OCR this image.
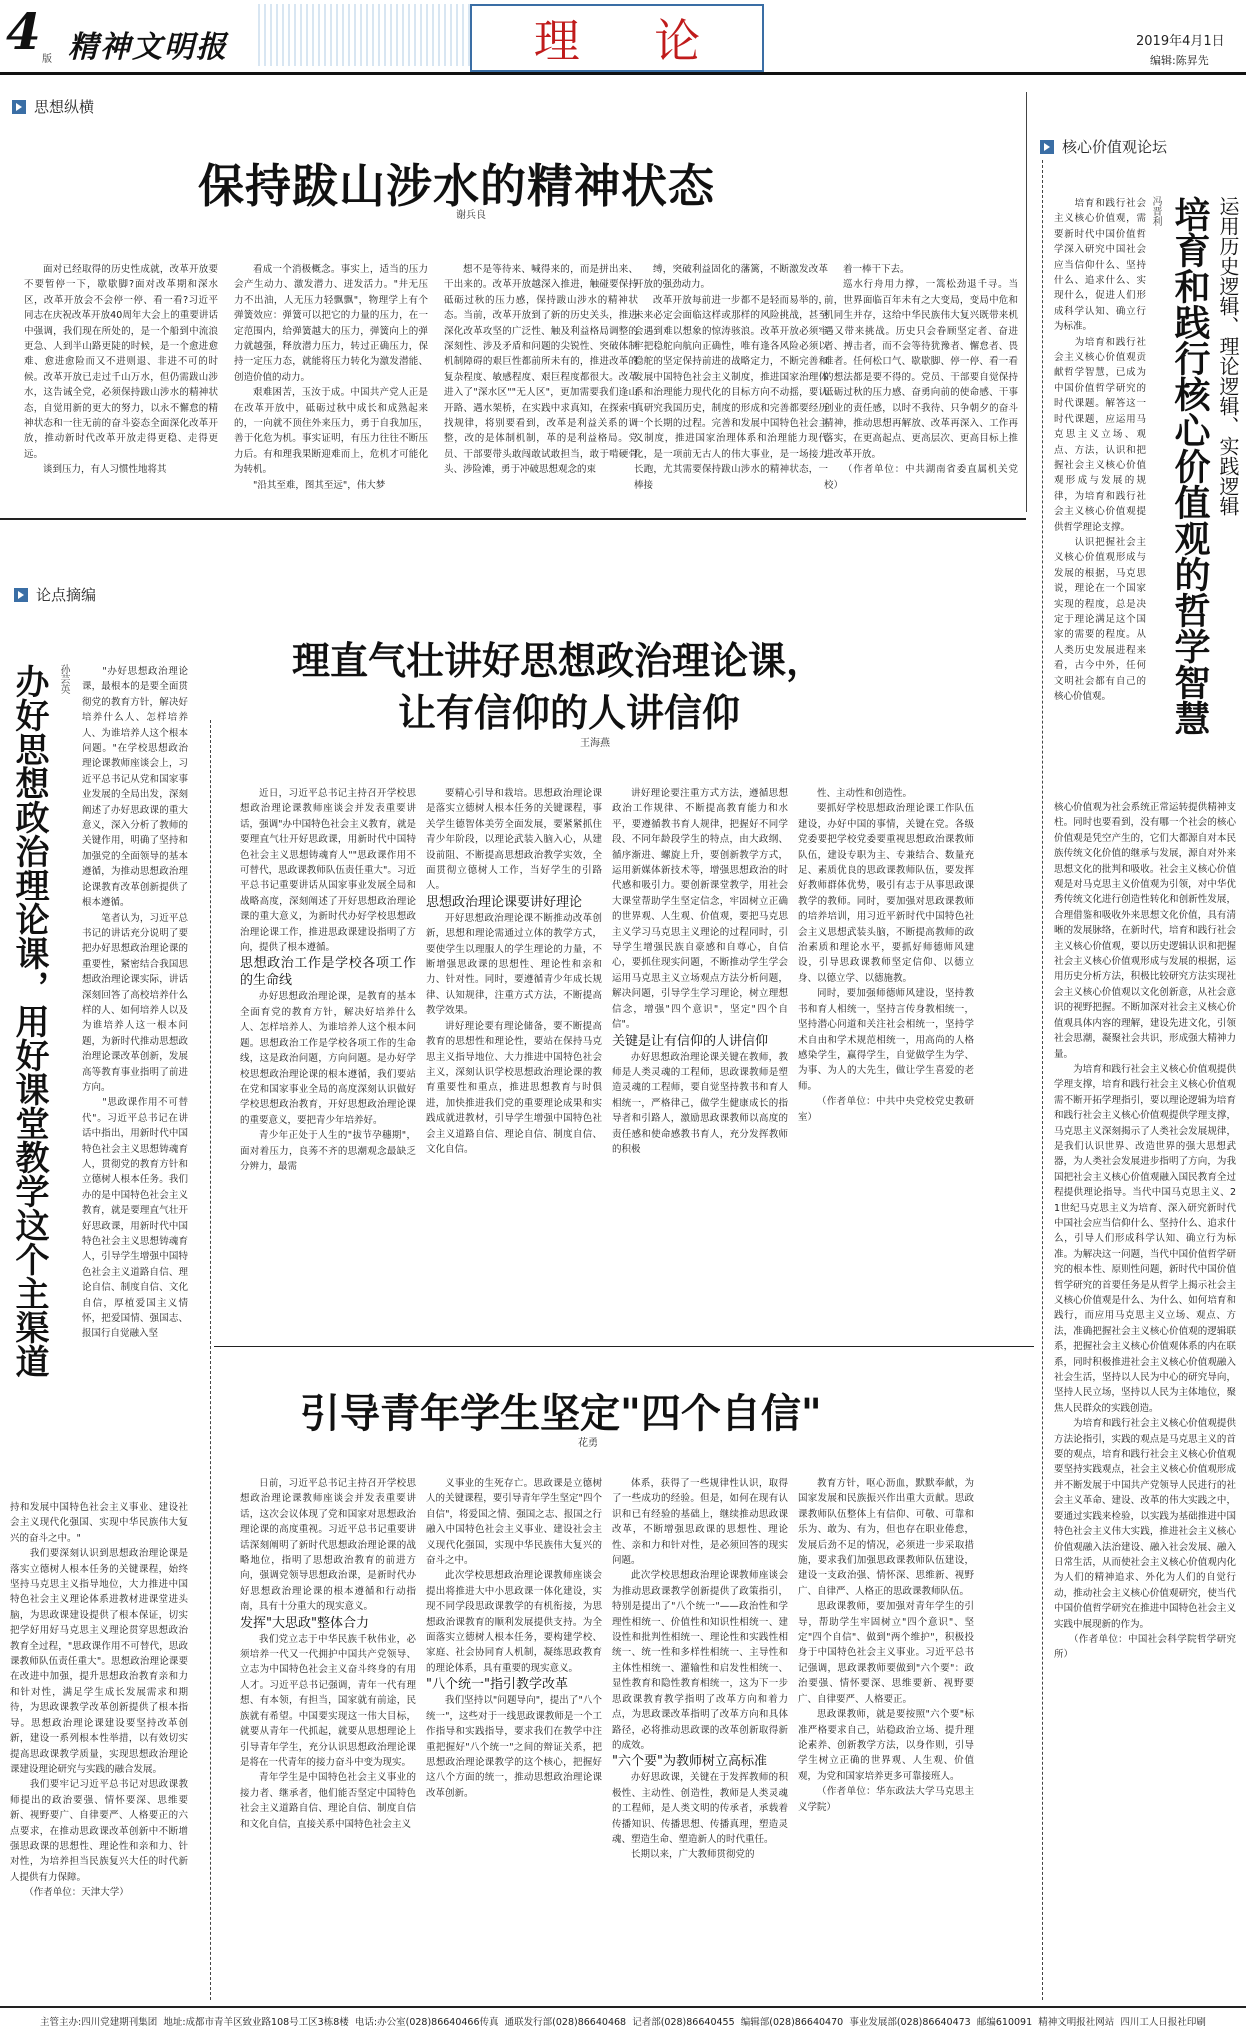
4 版 精神文明报	理 论	2019年4月1日
编辑:陈昇先
思想纵横
保持跋山涉水的精神状态
谢兵良

面对已经取得的历史性成就，改革开放要不要暂停一下，歇歇脚?面对改革期和深水区，改革开放会不会停一停、看一看?习近平同志在庆祝改革开放40周年大会上的重要讲话中强调，我们现在所处的，是一个船到中流浪更急、人到半山路更陡的时候，是一个愈进愈难、愈进愈险而又不进则退、非进不可的时候。改革开放已走过千山万水，但仍需跋山涉水，这告诫全党，必须保持跋山涉水的精神状态，自觉用新的更大的努力，以永不懈怠的精神状态和一往无前的奋斗姿态全面深化改革开放，推动新时代改革开放走得更稳、走得更远。

谈到压力，有人习惯性地将其

看成一个消极概念。事实上，适当的压力会产生动力、激发潜力、迸发活力。"井无压力不出油，人无压力轻飘飘"，物理学上有个弹簧效应：弹簧可以把它的力量的压力，在一定范围内，给弹簧越大的压力，弹簧向上的弹力就越强，释放潜力压力，转过正确压力，保持一定压力态，就能将压力转化为激发潜能、创造价值的动力。

艰难困苦，玉汝于成。中国共产党人正是在改革开放中，砥砺过秋中成长和成熟起来的，一向就不顶住外来压力，勇于自我加压，善于化危为机。事实证明，有压力往往不断压力后。有和理我果断迎难而上，危机才可能化为转机。

"沿其至难，图其至远"，伟大梦

想不是等待来、喊得来的，而是拼出来、干出来的。改革开放越深入推进，触碰要保持砥砺过秋的压力感，保持跋山涉水的精神状态。当前，改革开放到了新的历史关头，推进深化改革攻坚的广泛性、触及利益格局调整的深刻性、涉及矛盾和问题的尖锐性、突破体制机制障碍的艰巨性都前所未有的，推进改革的复杂程度、敏感程度、艰巨程度都很大。改革进入了"深水区""无人区"，更加需要我们逢山开路、遇水架桥，在实践中求真知，在探索中找规律，将别要看到，改革是利益关系的调整，改的是体制机制，革的是利益格局。党员、干部要带头敢闯敢试敢担当，敢于啃硬骨头、涉险滩，勇于冲破思想观念的束

缚，突破利益固化的藩篱，不断激发改革开放的强劲动力。

改革开放每前进一步都不是轻而易举的，未来必定会面临这样或那样的风险挑战，甚至会遇到难以想象的惊涛骇浪。改革开放必须牢牢把稳舵向航向正确性，唯有逢各风险必须以稳舵的坚定保持前进的战略定力，不断完善和发展中国特色社会主义制度，推进国家治理体系和治理能力现代化的目标方向不动摇，要认真研究我国历史，制度的形成和完善都要经历一个长期的过程。完善和发展中国特色社会主义制度，推进国家治理体系和治理能力现代化，是一项前无古人的伟大事业，是一场接力长跑，尤其需要保持跋山涉水的精神状态，一棒接

着一棒干下去。

巡水行舟用力撑，一篙松劲退千寻。当前，世界面临百年未有之大变局，变局中危和机同生并存，这给中华民族伟大复兴既带来机遇又带来挑战。历史只会眷顾坚定者、奋进者、搏击者，而不会等待犹豫者、懈怠者、畏难者。任何松口气、歇歇脚、停一停、看一看的想法都是要不得的。党员、干部要自觉保持砥砺过秋的压力感、奋勇向前的使命感、干事创业的责任感，以时不我待、只争朝夕的奋斗精神，推动思想再解放、改革再深入、工作再落实，在更高起点、更高层次、更高目标上推进改革开放。

（作者单位：中共湖南省委直属机关党校）

核心价值观论坛
运用历史逻辑、理论逻辑、实践逻辑
培育和践行核心价值观的哲学智慧
冯晋利
　　培育和践行社会主义核心价值观，需要新时代中国价值哲学深入研究中国社会应当信仰什么、坚持什么、追求什么、实现什么，促进人们形成科学认知、确立行为标准。
　　为培育和践行社会主义核心价值观贡献哲学智慧，已成为中国价值哲学研究的时代课题。解答这一时代课题，应运用马克思主义立场、观点、方法，认识和把握社会主义核心价值观形成与发展的规律，为培育和践行社会主义核心价值观提供哲学理论支撑。
　　认识把握社会主义核心价值观形成与发展的根据，马克思说，理论在一个国家实现的程度，总是决定于理论满足这个国家的需要的程度。从人类历史发展进程来看，古今中外，任何文明社会都有自己的核心价值观。
核心价值观为社会系统正常运转提供精神支柱。同时也要看到，没有哪一个社会的核心价值观是凭空产生的，它们大都源自对本民族传统文化价值的继承与发展，源自对外来思想文化的批判和吸收。社会主义核心价值观是对马克思主义价值观为引领，对中华优秀传统文化进行创造性转化和创新性发展，合理借鉴和吸收外来思想文化价值，具有清晰的发展脉络，在新时代，培育和践行社会主义核心价值观，要以历史逻辑认识和把握社会主义核心价值观形成与发展的根据，运用历史分析方法，积极比较研究方法实现社会主义核心价值观以文化创新意，从社会意识的视野把握。不断加深对社会主义核心价值观具体内容的理解，建设先进文化，引领社会思潮，凝聚社会共识，形成强大精神力量。
　　为培育和践行社会主义核心价值观提供学理支撑，培育和践行社会主义核心价值观需不断开拓学理指引，要以理论逻辑为培育和践行社会主义核心价值观提供学理支撑，马克思主义深刻揭示了人类社会发展规律，是我们认识世界、改造世界的强大思想武器，为人类社会发展进步指明了方向，为我国把社会主义核心价值观融入国民教育全过程提供理论指导。当代中国马克思主义、21世纪马克思主义为培育、深入研究新时代中国社会应当信仰什么、坚持什么、追求什么，引导人们形成科学认知、确立行为标准。为解决这一问题，当代中国价值哲学研究的根本性、原则性问题，新时代中国价值哲学研究的首要任务是从哲学上揭示社会主义核心价值观是什么、为什么、如何培育和践行，而应用马克思主义立场、观点、方法，准确把握社会主义核心价值观的逻辑联系，把握社会主义核心价值观体系的内在联系，同时积极推进社会主义核心价值观融入社会生活，坚持以人民为中心的研究导向，坚持人民立场，坚持以人民为主体地位，聚焦人民群众的实践创造。
　　为培育和践行社会主义核心价值观提供方法论指引，实践的观点是马克思主义的首要的观点，培育和践行社会主义核心价值观要坚持实践观点，社会主义核心价值观形成并不断发展于中国共产党领导人民进行的社会主义革命、建设、改革的伟大实践之中，要通过实践来检验，以实践为基础推进中国特色社会主义伟大实践，推进社会主义核心价值观融入法治建设、融入社会发展、融入日常生活，从而使社会主义核心价值观内化为人们的精神追求、外化为人们的自觉行动，推动社会主义核心价值观研究，使当代中国价值哲学研究在推进中国特色社会主义实践中展现新的作为。
　　（作者单位：中国社会科学院哲学研究所）
论点摘编
理直气壮讲好思想政治理论课，
让有信仰的人讲信仰
王海燕

近日，习近平总书记主持召开学校思想政治理论课教师座谈会并发表重要讲话，强调"办中国特色社会主义教育，就是要理直气壮开好思政课，用新时代中国特色社会主义思想铸魂育人""思政课作用不可替代，思政课教师队伍责任重大"。习近平总书记重要讲话从国家事业发展全局和战略高度，深刻阐述了开好思想政治理论课的重大意义，为新时代办好学校思想政治理论课工作，推进思政课建设指明了方向，提供了根本遵循。

思想政治工作是学校各项工作的生命线

办好思想政治理论课，是教育的基本全面育党的教育方针，解决好培养什么人、怎样培养人、为谁培养人这个根本问题。思想政治工作是学校各项工作的生命线，这是政治问题，方向问题。是办好学校思想政治理论课的根本遵循，我们要站在党和国家事业全局的高度深刻认识做好学校思想政治教育，开好思想政治理论课的重要意义，要把青少年培养好。

青少年正处于人生的"拔节孕穗期"，面对着压力，良莠不齐的思潮观念最缺乏分辨力，最需

要精心引导和栽培。思想政治理论课是落实立德树人根本任务的关键课程，事关学生德智体美劳全面发展，要紧紧抓住青少年阶段，以理论武装入脑入心，从建设前阻、不断提高思想政治教学实效，全面贯彻立德树人工作，当好学生的引路人。

思想政治理论课要讲好理论

开好思想政治理论课不断推动改革创新，思想和理论需通过立体的教学方式，要使学生以理服人的学生理论的力量，不断增强思政课的思想性、理论性和亲和力、针对性。同时，要遵循青少年成长规律、认知规律，注重方式方法，不断提高教学效果。

讲好理论要有理论储备，要不断提高教育的思想性和理论性，要站在保持马克思主义指导地位、大力推进中国特色社会主义，深刻认识学校思想政治理论课的教育重要性和重点，推进思想教育与时俱进，加快推进我们党的重要理论成果和实践成就进教材，引导学生增强中国特色社会主义道路自信、理论自信、制度自信、文化自信。

讲好理论要注重方式方法，遵循思想政治工作规律、不断提高教育能力和水平，要遵循教书育人规律，把握好不同学段、不同年龄段学生的特点，由大政纲、循序渐进、螺旋上升，要创新教学方式，运用新媒体新技术等，增强思想政治的时代感和吸引力。要创新课堂教学，用社会大课堂帮助学生坚定信念，牢固树立正确的世界观、人生观、价值观，要把马克思主义学习马克思主义理论的过程同时，引导学生增强民族自豪感和自尊心，自信心，要抓住现实问题，不断推动学生学会运用马克思主义立场观点方法分析问题，解决问题，引导学生学习理论，树立理想信念，增强"四个意识"，坚定"四个自信"。

关键是让有信仰的人讲信仰

办好思想政治理论课关键在教师，教师是人类灵魂的工程师，思政课教师是塑造灵魂的工程师，要自觉坚持教书和育人相统一，严格律己，做学生健康成长的指导者和引路人，激励思政课教师以高度的责任感和使命感教书育人，充分发挥教师的积极

性、主动性和创造性。

要抓好学校思想政治理论课工作队伍建设，办好中国的事情，关键在党。各级党委要把学校党委要重视思想政治课教师队伍，建设专职为主、专兼结合、数量充足、素质优良的思政课教师队伍，要发挥好教师群体优势，吸引有志于从事思政课教学的教师。同时，要加强对思政课教师的培养培训，用习近平新时代中国特色社会主义思想武装头脑，不断提高教师的政治素质和理论水平，要抓好师德师风建设，引导思政课教师坚定信仰、以德立身、以德立学、以德施教。

同时，要加强师德师风建设，坚持教书和育人相统一，坚持言传身教相统一，坚持潜心问道和关注社会相统一，坚持学术自由和学术规范相统一，用高尚的人格感染学生，赢得学生，自觉做学生为学、为事、为人的大先生，做让学生喜爱的老师。

（作者单位：中共中央党校党史教研室）

办好思想政治理论课，用好课堂教学这个主渠道 孙芸英	　　"办好思想政治理论课，最根本的是要全面贯彻党的教育方针，解决好培养什么人、怎样培养人、为谁培养人这个根本问题。"在学校思想政治理论课教师座谈会上，习近平总书记从党和国家事业发展的全局出发，深刻阐述了办好思政课的重大意义，深入分析了教师的关键作用，明确了坚持和加强党的全面领导的基本遵循，为推动思想政治理论课教育改革创新提供了根本遵循。
　　笔者认为，习近平总书记的讲话充分说明了要把办好思想政治理论课的重要性，紧密结合我国思想政治理论课实际，讲话深刻回答了高校培养什么样的人、如何培养人以及为谁培养人这一根本问题，为新时代推动思想政治理论课改革创新，发展高等教育事业指明了前进方向。
　　"思政课作用不可替代"。习近平总书记在讲话中指出，用新时代中国特色社会主义思想铸魂育人，贯彻党的教育方针和立德树人根本任务。我们办的是中国特色社会主义教育，就是要理直气壮开好思政课，用新时代中国特色社会主义思想铸魂育人，引导学生增强中国特色社会主义道路自信、理论自信、制度自信、文化自信，厚植爱国主义情怀，把爱国情、强国志、报国行自觉融入坚
持和发展中国特色社会主义事业、建设社会主义现代化强国、实现中华民族伟大复兴的奋斗之中。"
　　我们要深刻认识到思想政治理论课是落实立德树人根本任务的关键课程，始终坚持马克思主义指导地位，大力推进中国特色社会主义理论体系进教材进课堂进头脑，为思政课建设提供了根本保证，切实把学好用好马克思主义理论贯穿思想政治教育全过程，"思政课作用不可替代，思政课教师队伍责任重大"。思想政治理论课要在改进中加强，提升思想政治教育亲和力和针对性，满足学生成长发展需求和期待，为思政课教学改革创新提供了根本指导。思想政治理论课建设要坚持改革创新，建设一系列根本性举措，以有效切实提高思政课教学质量，实现思想政治理论课建设理论研究与实践的融合发展。
　　我们要牢记习近平总书记对思政课教师提出的政治要强、情怀要深、思维要新、视野要广、自律要严、人格要正的六点要求，在推动思政课改革创新中不断增强思政课的思想性、理论性和亲和力、针对性，为培养担当民族复兴大任的时代新人提供有力保障。
　　（作者单位：天津大学）
引导青年学生坚定"四个自信"
花勇

日前，习近平总书记主持召开学校思想政治理论课教师座谈会并发表重要讲话，这次会议体现了党和国家对思想政治理论课的高度重视。习近平总书记重要讲话深刻阐明了新时代思想政治理论课的战略地位，指明了思想政治教育的前进方向，强调党领导思想政治课，是新时代办好思想政治理论课的根本遵循和行动指南，具有十分重大的现实意义。

发挥"大思政"整体合力

我们党立志于中华民族千秋伟业，必须培养一代又一代拥护中国共产党领导、立志为中国特色社会主义奋斗终身的有用人才。习近平总书记强调，青年一代有理想、有本领，有担当，国家就有前途，民族就有希望。中国要实现这一伟大目标，就要从青年一代抓起，就要从思想理论上引导青年学生，充分认识思想政治理论课是将在一代青年的接力奋斗中变为现实。

青年学生是中国特色社会主义事业的接力者、继承者，他们能否坚定中国特色社会主义道路自信、理论自信、制度自信和文化自信，直接关系中国特色社会主义

义事业的生死存亡。思政课是立德树人的关键课程，要引导青年学生坚定"四个自信"，将爱国之情、强国之志、报国之行融入中国特色社会主义事业、建设社会主义现代化强国，实现中华民族伟大复兴的奋斗之中。

此次学校思想政治理论课教师座谈会提出将推进大中小思政课一体化建设，实现不同学段思政课教学的有机衔接，为思想政治课教育的顺利发展提供支持。为全面落实立德树人根本任务，要构建学校、家庭、社会协同育人机制，凝练思政教育的理论体系，具有重要的现实意义。

"八个统一"指引教学改革

我们坚持以"问题导向"，提出了"八个统一"，这些对于一线思政课教师是一个工作指导和实践指导，要求我们在教学中注重把握好"八个统一"之间的辩证关系，把思想政治理论课教学的这个核心，把握好这八个方面的统一，推动思想政治理论课改革创新。

体系，获得了一些规律性认识，取得了一些成功的经验。但是，如何在现有认识和已有经验的基础上，继续推动思政课改革，不断增强思政课的思想性、理论性、亲和力和针对性，是必须回答的现实问题。

此次学校思想政治理论课教师座谈会为推动思政课教学创新提供了政策指引，特别是提出了"八个统一"——政治性和学理性相统一、价值性和知识性相统一、建设性和批判性相统一、理论性和实践性相统一、统一性和多样性相统一、主导性和主体性相统一、灌输性和启发性相统一、显性教育和隐性教育相统一，这为下一步思政课教育教学指明了改革方向和着力点，为思政课改革指明了改革方向和具体路径，必将推动思政课的改革创新取得新的成效。

"六个要"为教师树立高标准

办好思政课，关键在于发挥教师的积极性、主动性、创造性，教师是人类灵魂的工程师，是人类文明的传承者，承载着传播知识、传播思想、传播真理，塑造灵魂、塑造生命、塑造新人的时代重任。

长期以来，广大教师贯彻党的

教育方针，呕心沥血，默默奉献，为国家发展和民族振兴作出重大贡献。思政课教师队伍整体上有信仰、可敬、可靠和乐为、敢为、有为，但也存在职业倦怠，发展后劲不足的情况，必须进一步采取措施，要求我们加强思政课教师队伍建设，建设一支政治强、情怀深、思维新、视野广、自律严、人格正的思政课教师队伍。

思政课教师，要加强对青年学生的引导，帮助学生牢固树立"四个意识"、坚定"四个自信"、做到"两个维护"，积极投身于中国特色社会主义事业。习近平总书记强调，思政课教师要做到"六个要"：政治要强、情怀要深、思维要新、视野要广、自律要严、人格要正。

思政课教师，就是要按照"六个要"标准严格要求自己，站稳政治立场、提升理论素养、创新教学方法，以身作则，引导学生树立正确的世界观、人生观、价值观，为党和国家培养更多可靠接班人。

（作者单位：华东政法大学马克思主义学院）

主管主办:四川党建期刊集团 地址:成都市青羊区致业路108号工区3栋8楼 电话:办公室(028)86640466传真 通联发行部(028)86640468 记者部(028)86640455 编辑部(028)86640470 事业发展部(028)86640473 邮编610091 精神文明报社网站 四川工人日报社印刷
